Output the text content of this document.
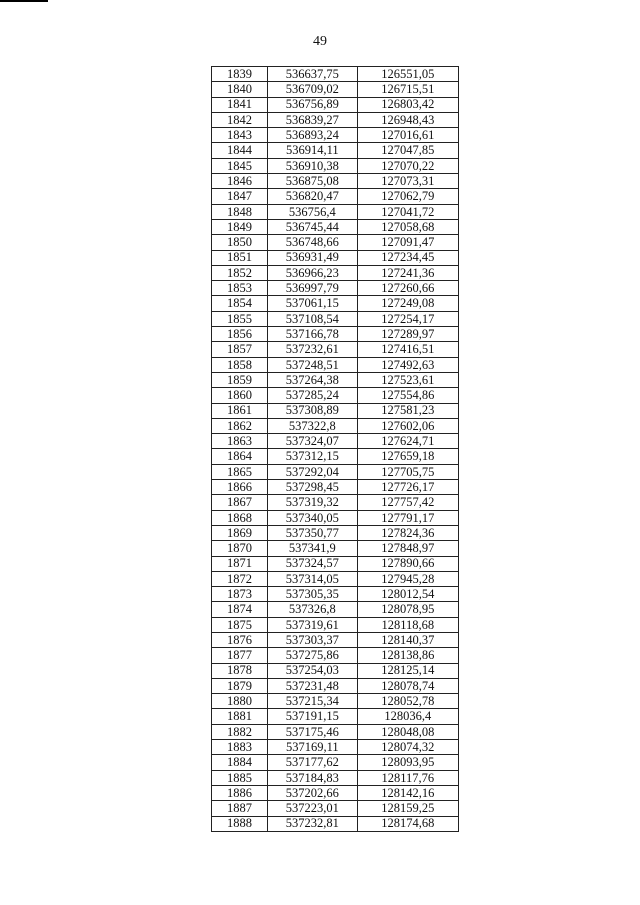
49
1839	536637,75	126551,05
1840	536709,02	126715,51
1841	536756,89	126803,42
1842	536839,27	126948,43
1843	536893,24	127016,61
1844	536914,11	127047,85
1845	536910,38	127070,22
1846	536875,08	127073,31
1847	536820,47	127062,79
1848	536756,4	127041,72
1849	536745,44	127058,68
1850	536748,66	127091,47
1851	536931,49	127234,45
1852	536966,23	127241,36
1853	536997,79	127260,66
1854	537061,15	127249,08
1855	537108,54	127254,17
1856	537166,78	127289,97
1857	537232,61	127416,51
1858	537248,51	127492,63
1859	537264,38	127523,61
1860	537285,24	127554,86
1861	537308,89	127581,23
1862	537322,8	127602,06
1863	537324,07	127624,71
1864	537312,15	127659,18
1865	537292,04	127705,75
1866	537298,45	127726,17
1867	537319,32	127757,42
1868	537340,05	127791,17
1869	537350,77	127824,36
1870	537341,9	127848,97
1871	537324,57	127890,66
1872	537314,05	127945,28
1873	537305,35	128012,54
1874	537326,8	128078,95
1875	537319,61	128118,68
1876	537303,37	128140,37
1877	537275,86	128138,86
1878	537254,03	128125,14
1879	537231,48	128078,74
1880	537215,34	128052,78
1881	537191,15	128036,4
1882	537175,46	128048,08
1883	537169,11	128074,32
1884	537177,62	128093,95
1885	537184,83	128117,76
1886	537202,66	128142,16
1887	537223,01	128159,25
1888	537232,81	128174,68
